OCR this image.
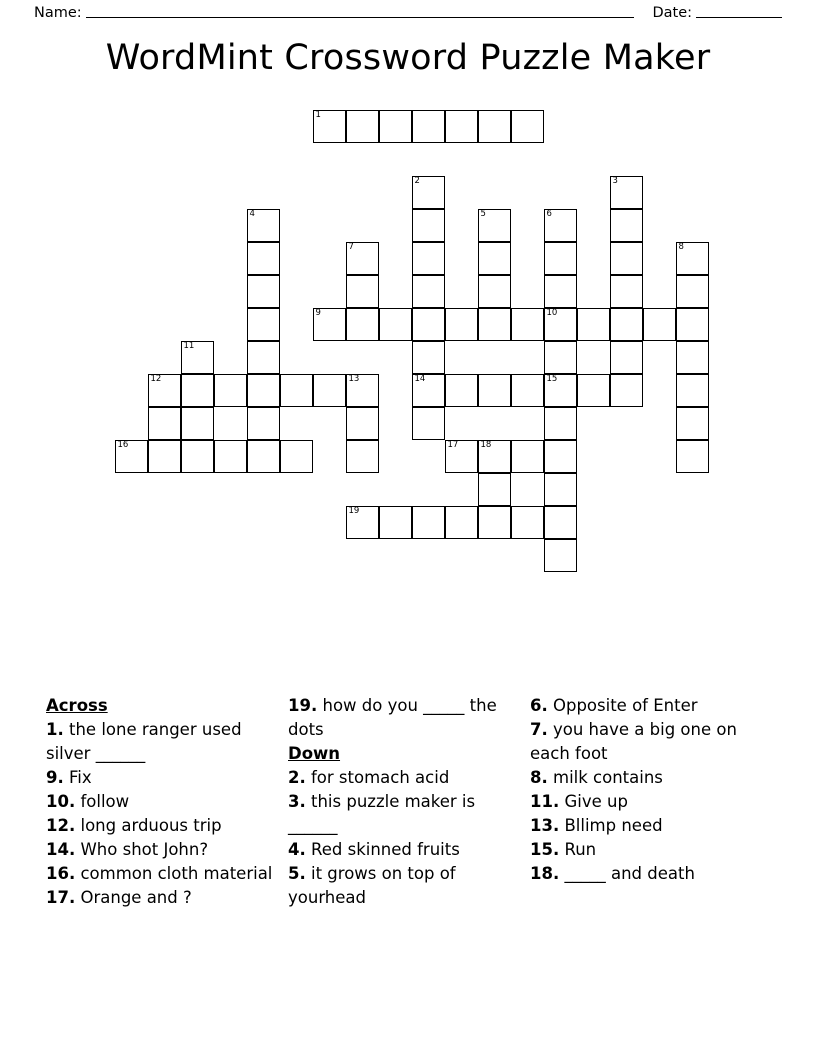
Name:	Date:
WordMint Crossword Puzzle Maker
1
2	3
4	5	6
7	8
9	10
11
12	13	14	15
16	17	18
19
Across
1. the lone ranger used silver ______
9. Fix
10. follow
12. long arduous trip
14. Who shot John?
16. common cloth material
17. Orange and ?
19. how do you _____ the dots
Down
2. for stomach acid
3. this puzzle maker is ______
4. Red skinned fruits
5. it grows on top of yourhead
6. Opposite of Enter
7. you have a big one on each foot
8. milk contains
11. Give up
13. Bllimp need
15. Run
18. _____ and death
